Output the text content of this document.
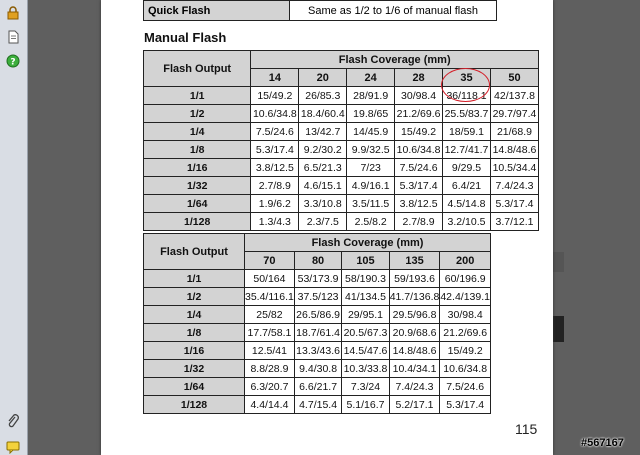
?
Quick Flash	Same as 1/2 to 1/6 of manual flash
Manual Flash
Flash Output	Flash Coverage (mm)					
	14	20	24	28	35	50
1/1	15/49.2	26/85.3	28/91.9	30/98.4	36/118.1	42/137.8
1/2	10.6/34.8	18.4/60.4	19.8/65	21.2/69.6	25.5/83.7	29.7/97.4
1/4	7.5/24.6	13/42.7	14/45.9	15/49.2	18/59.1	21/68.9
1/8	5.3/17.4	9.2/30.2	9.9/32.5	10.6/34.8	12.7/41.7	14.8/48.6
1/16	3.8/12.5	6.5/21.3	7/23	7.5/24.6	9/29.5	10.5/34.4
1/32	2.7/8.9	4.6/15.1	4.9/16.1	5.3/17.4	6.4/21	7.4/24.3
1/64	1.9/6.2	3.3/10.8	3.5/11.5	3.8/12.5	4.5/14.8	5.3/17.4
1/128	1.3/4.3	2.3/7.5	2.5/8.2	2.7/8.9	3.2/10.5	3.7/12.1
Flash Output	Flash Coverage (mm)				
	70	80	105	135	200
1/1	50/164	53/173.9	58/190.3	59/193.6	60/196.9
1/2	35.4/116.1	37.5/123	41/134.5	41.7/136.8	42.4/139.1
1/4	25/82	26.5/86.9	29/95.1	29.5/96.8	30/98.4
1/8	17.7/58.1	18.7/61.4	20.5/67.3	20.9/68.6	21.2/69.6
1/16	12.5/41	13.3/43.6	14.5/47.6	14.8/48.6	15/49.2
1/32	8.8/28.9	9.4/30.8	10.3/33.8	10.4/34.1	10.6/34.8
1/64	6.3/20.7	6.6/21.7	7.3/24	7.4/24.3	7.5/24.6
1/128	4.4/14.4	4.7/15.4	5.1/16.7	5.2/17.1	5.3/17.4
115
#567167
